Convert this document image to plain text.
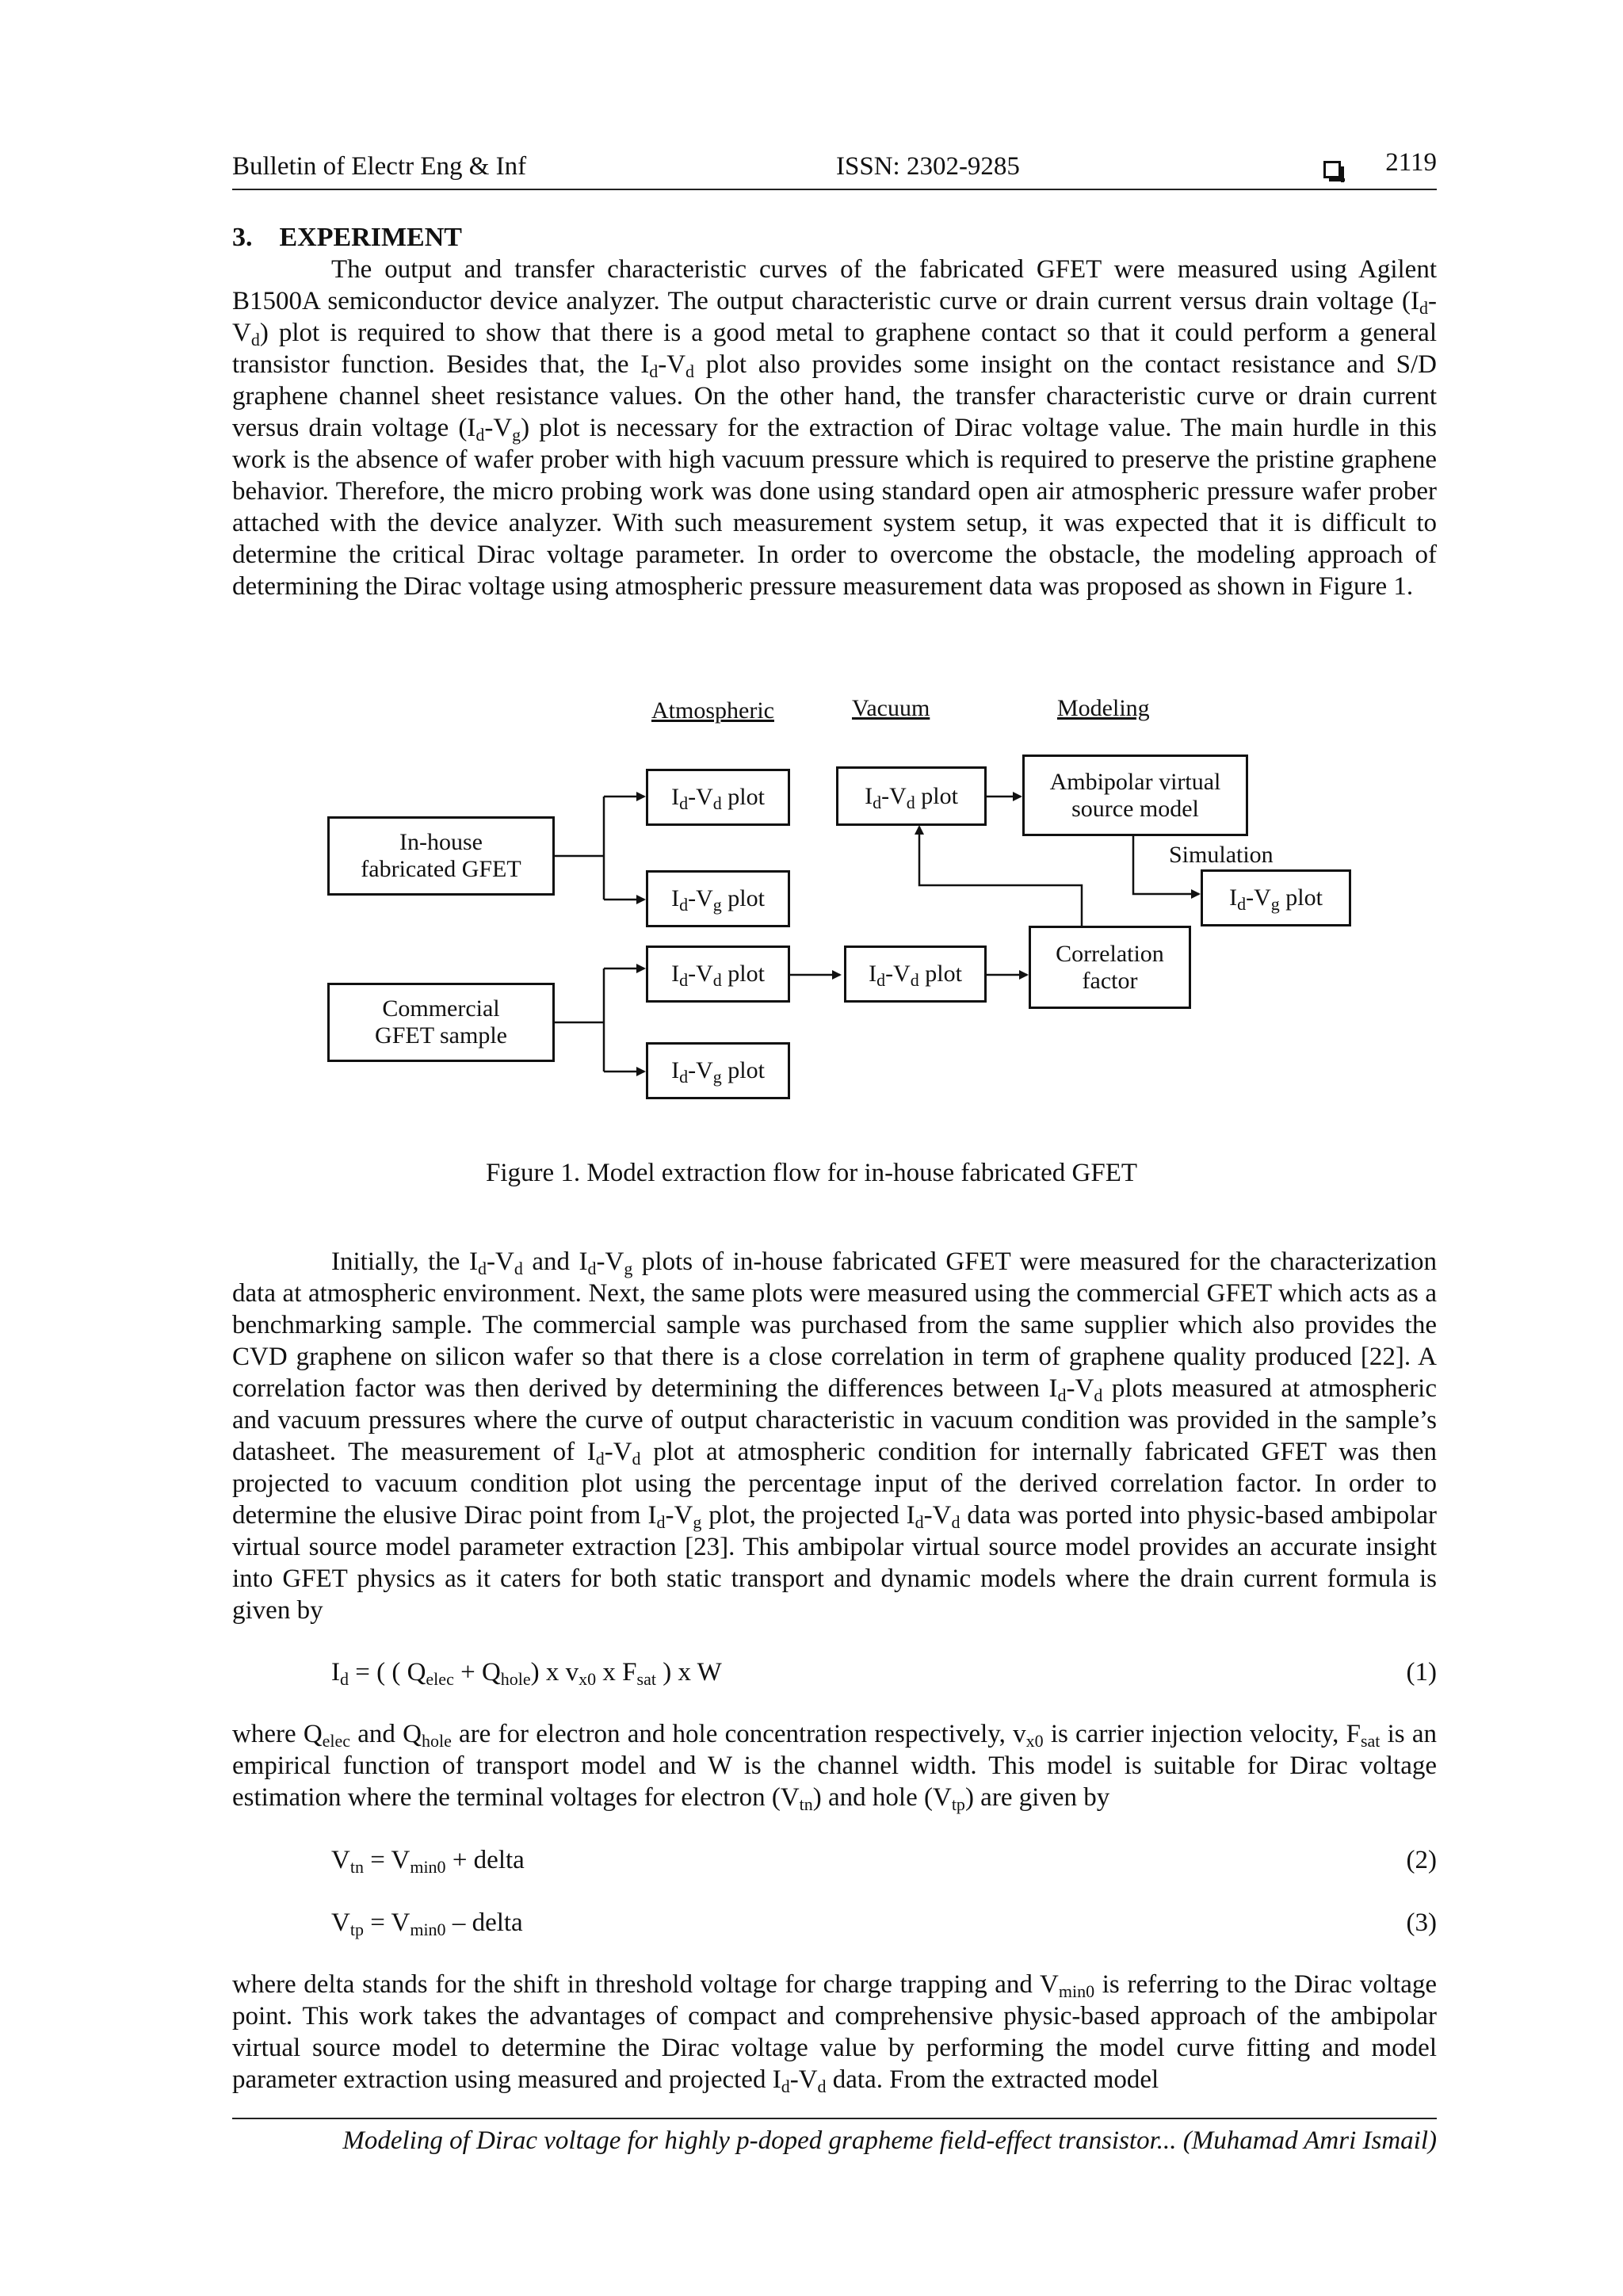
Bulletin of Electr Eng & Inf	ISSN: 2302-9285	2119
3. EXPERIMENT
The output and transfer characteristic curves of the fabricated GFET were measured using Agilent B1500A semiconductor device analyzer. The output characteristic curve or drain current versus drain voltage $(I_d-V_d)$ plot is required to show that there is a good metal to graphene contact so that it could perform a general transistor function. Besides that, the $I_d-V_d$ plot also provides some insight on the contact resistance and S/D graphene channel sheet resistance values. On the other hand, the transfer characteristic curve or drain current versus drain voltage $(I_d-V_g)$ plot is necessary for the extraction of Dirac voltage value. The main hurdle in this work is the absence of wafer prober with high vacuum pressure which is required to preserve the pristine graphene behavior. Therefore, the micro probing work was done using standard open air atmospheric pressure wafer prober attached with the device analyzer. With such measurement system setup, it was expected that it is difficult to determine the critical Dirac voltage parameter. In order to overcome the obstacle, the modeling approach of determining the Dirac voltage using atmospheric pressure measurement data was proposed as shown in Figure 1.
Atmospheric	Vacuum	Modeling
In-house fabricated GFET
Commercial GFET sample
$I_d-V_d$ plot
$I_d-V_g$ plot
$I_d-V_d$ plot
$I_d-V_g$ plot
$I_d-V_d$ plot
$I_d-V_d$ plot
Ambipolar virtual source model
Simulation
$I_d-V_g$ plot
Correlation factor
Figure 1. Model extraction flow for in-house fabricated GFET
Initially, the $I_d-V_d$ and $I_d-V_g$ plots of in-house fabricated GFET were measured for the characterization data at atmospheric environment. Next, the same plots were measured using the commercial GFET which acts as a benchmarking sample. The commercial sample was purchased from the same supplier which also provides the CVD graphene on silicon wafer so that there is a close correlation in term of graphene quality produced [22]. A correlation factor was then derived by determining the differences between $I_d-V_d$ plots measured at atmospheric and vacuum pressures where the curve of output characteristic in vacuum condition was provided in the sample’s datasheet. The measurement of $I_d-V_d$ plot at atmospheric condition for internally fabricated GFET was then projected to vacuum condition plot using the percentage input of the derived correlation factor. In order to determine the elusive Dirac point from $I_d-V_g$ plot, the projected $I_d-V_d$ data was ported into physic-based ambipolar virtual source model parameter extraction [23]. This ambipolar virtual source model provides an accurate insight into GFET physics as it caters for both static transport and dynamic models where the drain current formula is given by
$I_d$ = ( ( $Q_{elec} + Q_{hole}$) x $v_{x0}$ x $F_{sat}$ ) x W	(1)
where $Q_{elec}$ and $Q_{hole}$ are for electron and hole concentration respectively, $v_{x0}$ is carrier injection velocity, $F_{sat}$ is an empirical function of transport model and W is the channel width. This model is suitable for Dirac voltage estimation where the terminal voltages for electron $(V_{tn})$ and hole $(V_{tp})$ are given by
$V_{tn} = V_{min0}$ + delta	(2)
$V_{tp} = V_{min0}$ – delta	(3)
where delta stands for the shift in threshold voltage for charge trapping and $V_{min0}$ is referring to the Dirac voltage point. This work takes the advantages of compact and comprehensive physic-based approach of the ambipolar virtual source model to determine the Dirac voltage value by performing the model curve fitting and model parameter extraction using measured and projected $I_d-V_d$ data. From the extracted model
Modeling of Dirac voltage for highly p-doped grapheme field-effect transistor... (Muhamad Amri Ismail)
